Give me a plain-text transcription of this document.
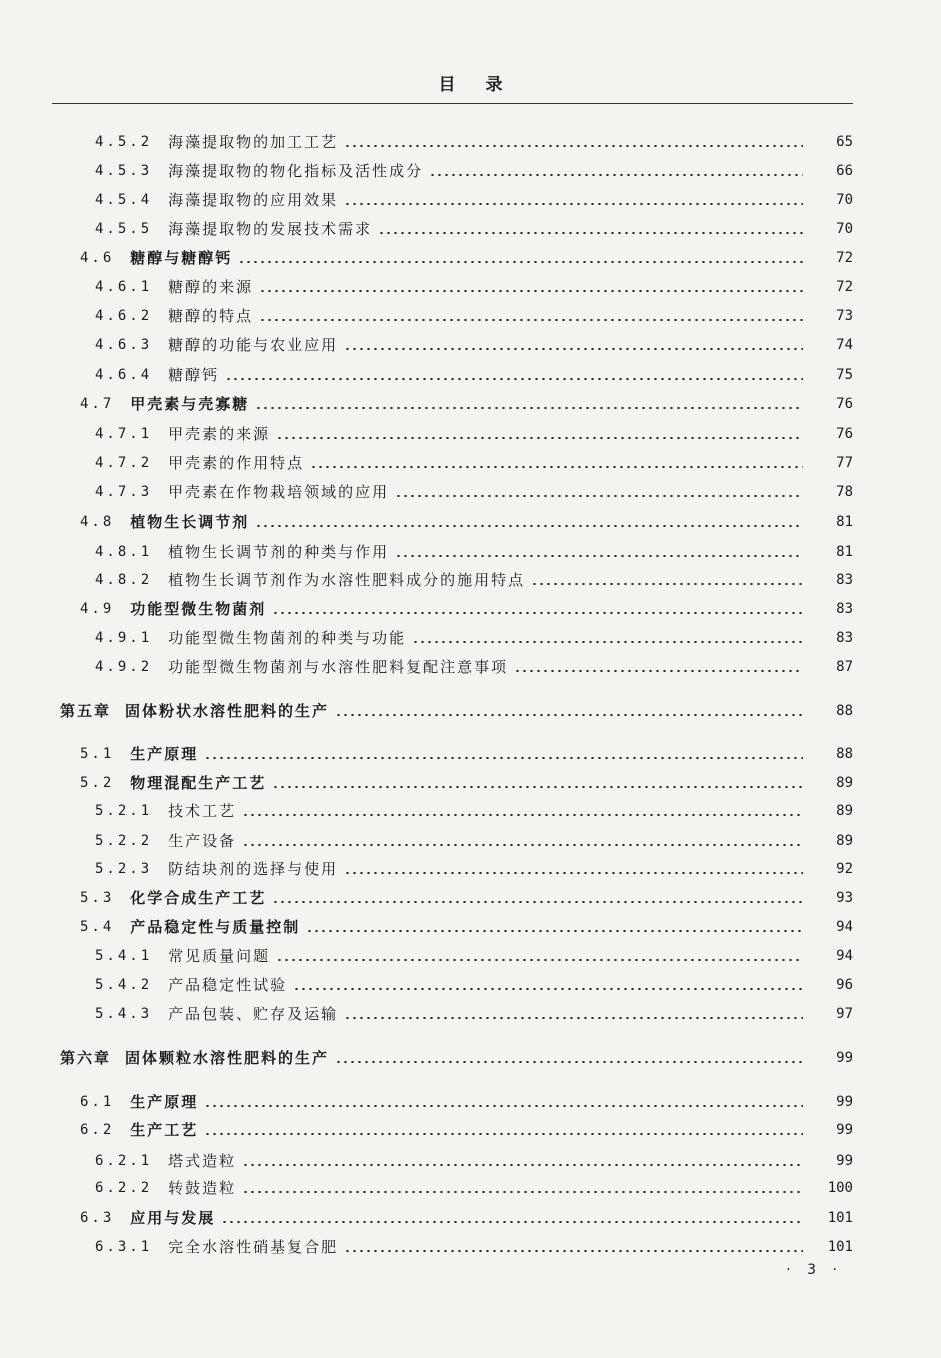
目录
4.5.2 海藻提取物的加工工艺	65
4.5.3 海藻提取物的物化指标及活性成分	66
4.5.4 海藻提取物的应用效果	70
4.5.5 海藻提取物的发展技术需求	70
4.6 糖醇与糖醇钙	72
4.6.1 糖醇的来源	72
4.6.2 糖醇的特点	73
4.6.3 糖醇的功能与农业应用	74
4.6.4 糖醇钙	75
4.7 甲壳素与壳寡糖	76
4.7.1 甲壳素的来源	76
4.7.2 甲壳素的作用特点	77
4.7.3 甲壳素在作物栽培领域的应用	78
4.8 植物生长调节剂	81
4.8.1 植物生长调节剂的种类与作用	81
4.8.2 植物生长调节剂作为水溶性肥料成分的施用特点	83
4.9 功能型微生物菌剂	83
4.9.1 功能型微生物菌剂的种类与功能	83
4.9.2 功能型微生物菌剂与水溶性肥料复配注意事项	87
第五章 固体粉状水溶性肥料的生产	88
5.1 生产原理	88
5.2 物理混配生产工艺	89
5.2.1 技术工艺	89
5.2.2 生产设备	89
5.2.3 防结块剂的选择与使用	92
5.3 化学合成生产工艺	93
5.4 产品稳定性与质量控制	94
5.4.1 常见质量问题	94
5.4.2 产品稳定性试验	96
5.4.3 产品包装、贮存及运输	97
第六章 固体颗粒水溶性肥料的生产	99
6.1 生产原理	99
6.2 生产工艺	99
6.2.1 塔式造粒	99
6.2.2 转鼓造粒	100
6.3 应用与发展	101
6.3.1 完全水溶性硝基复合肥	101
· 3 ·
